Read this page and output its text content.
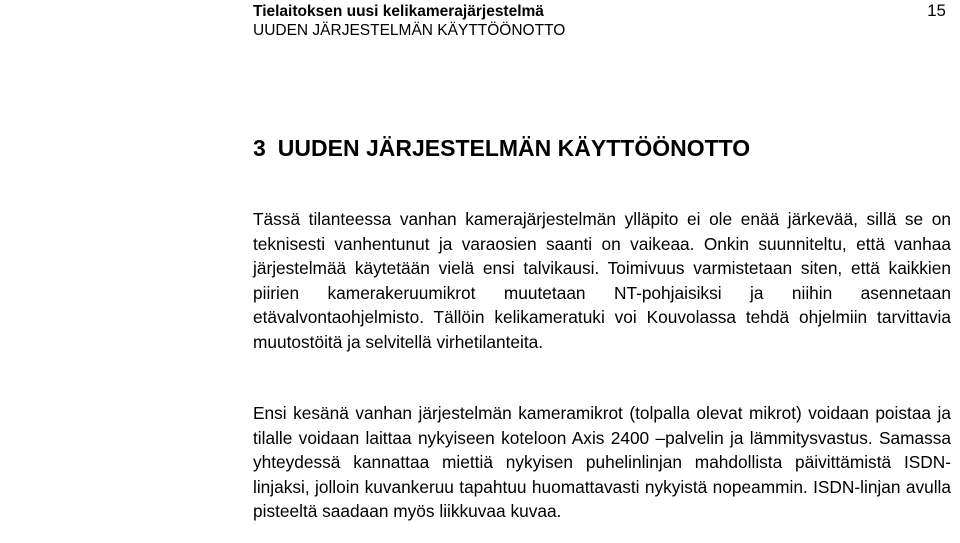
Tielaitoksen uusi kelikamerajärjestelmä
UUDEN JÄRJESTELMÄN KÄYTTÖÖNOTTO
15
3 UUDEN JÄRJESTELMÄN KÄYTTÖÖNOTTO

Tässä tilanteessa vanhan kamerajärjestelmän ylläpito ei ole enää järkevää, sillä se on teknisesti vanhentunut ja varaosien saanti on vaikeaa. Onkin suunniteltu, että vanhaa järjestelmää käytetään vielä ensi talvikausi. Toimivuus varmistetaan siten, että kaikkien piirien kamerakeruumikrot muutetaan NT-pohjaisiksi ja niihin asennetaan etävalvontaohjelmisto. Tällöin kelikameratuki voi Kouvolassa tehdä ohjelmiin tarvittavia muutostöitä ja selvitellä virhetilanteita.

Ensi kesänä vanhan järjestelmän kameramikrot (tolpalla olevat mikrot) voidaan poistaa ja tilalle voidaan laittaa nykyiseen koteloon Axis 2400 –palvelin ja lämmitysvastus. Samassa yhteydessä kannattaa miettiä nykyisen puhelinlinjan mahdollista päivittämistä ISDN-linjaksi, jolloin kuvankeruu tapahtuu huomattavasti nykyistä nopeammin. ISDN-linjan avulla pisteeltä saadaan myös liikkuvaa kuvaa.
